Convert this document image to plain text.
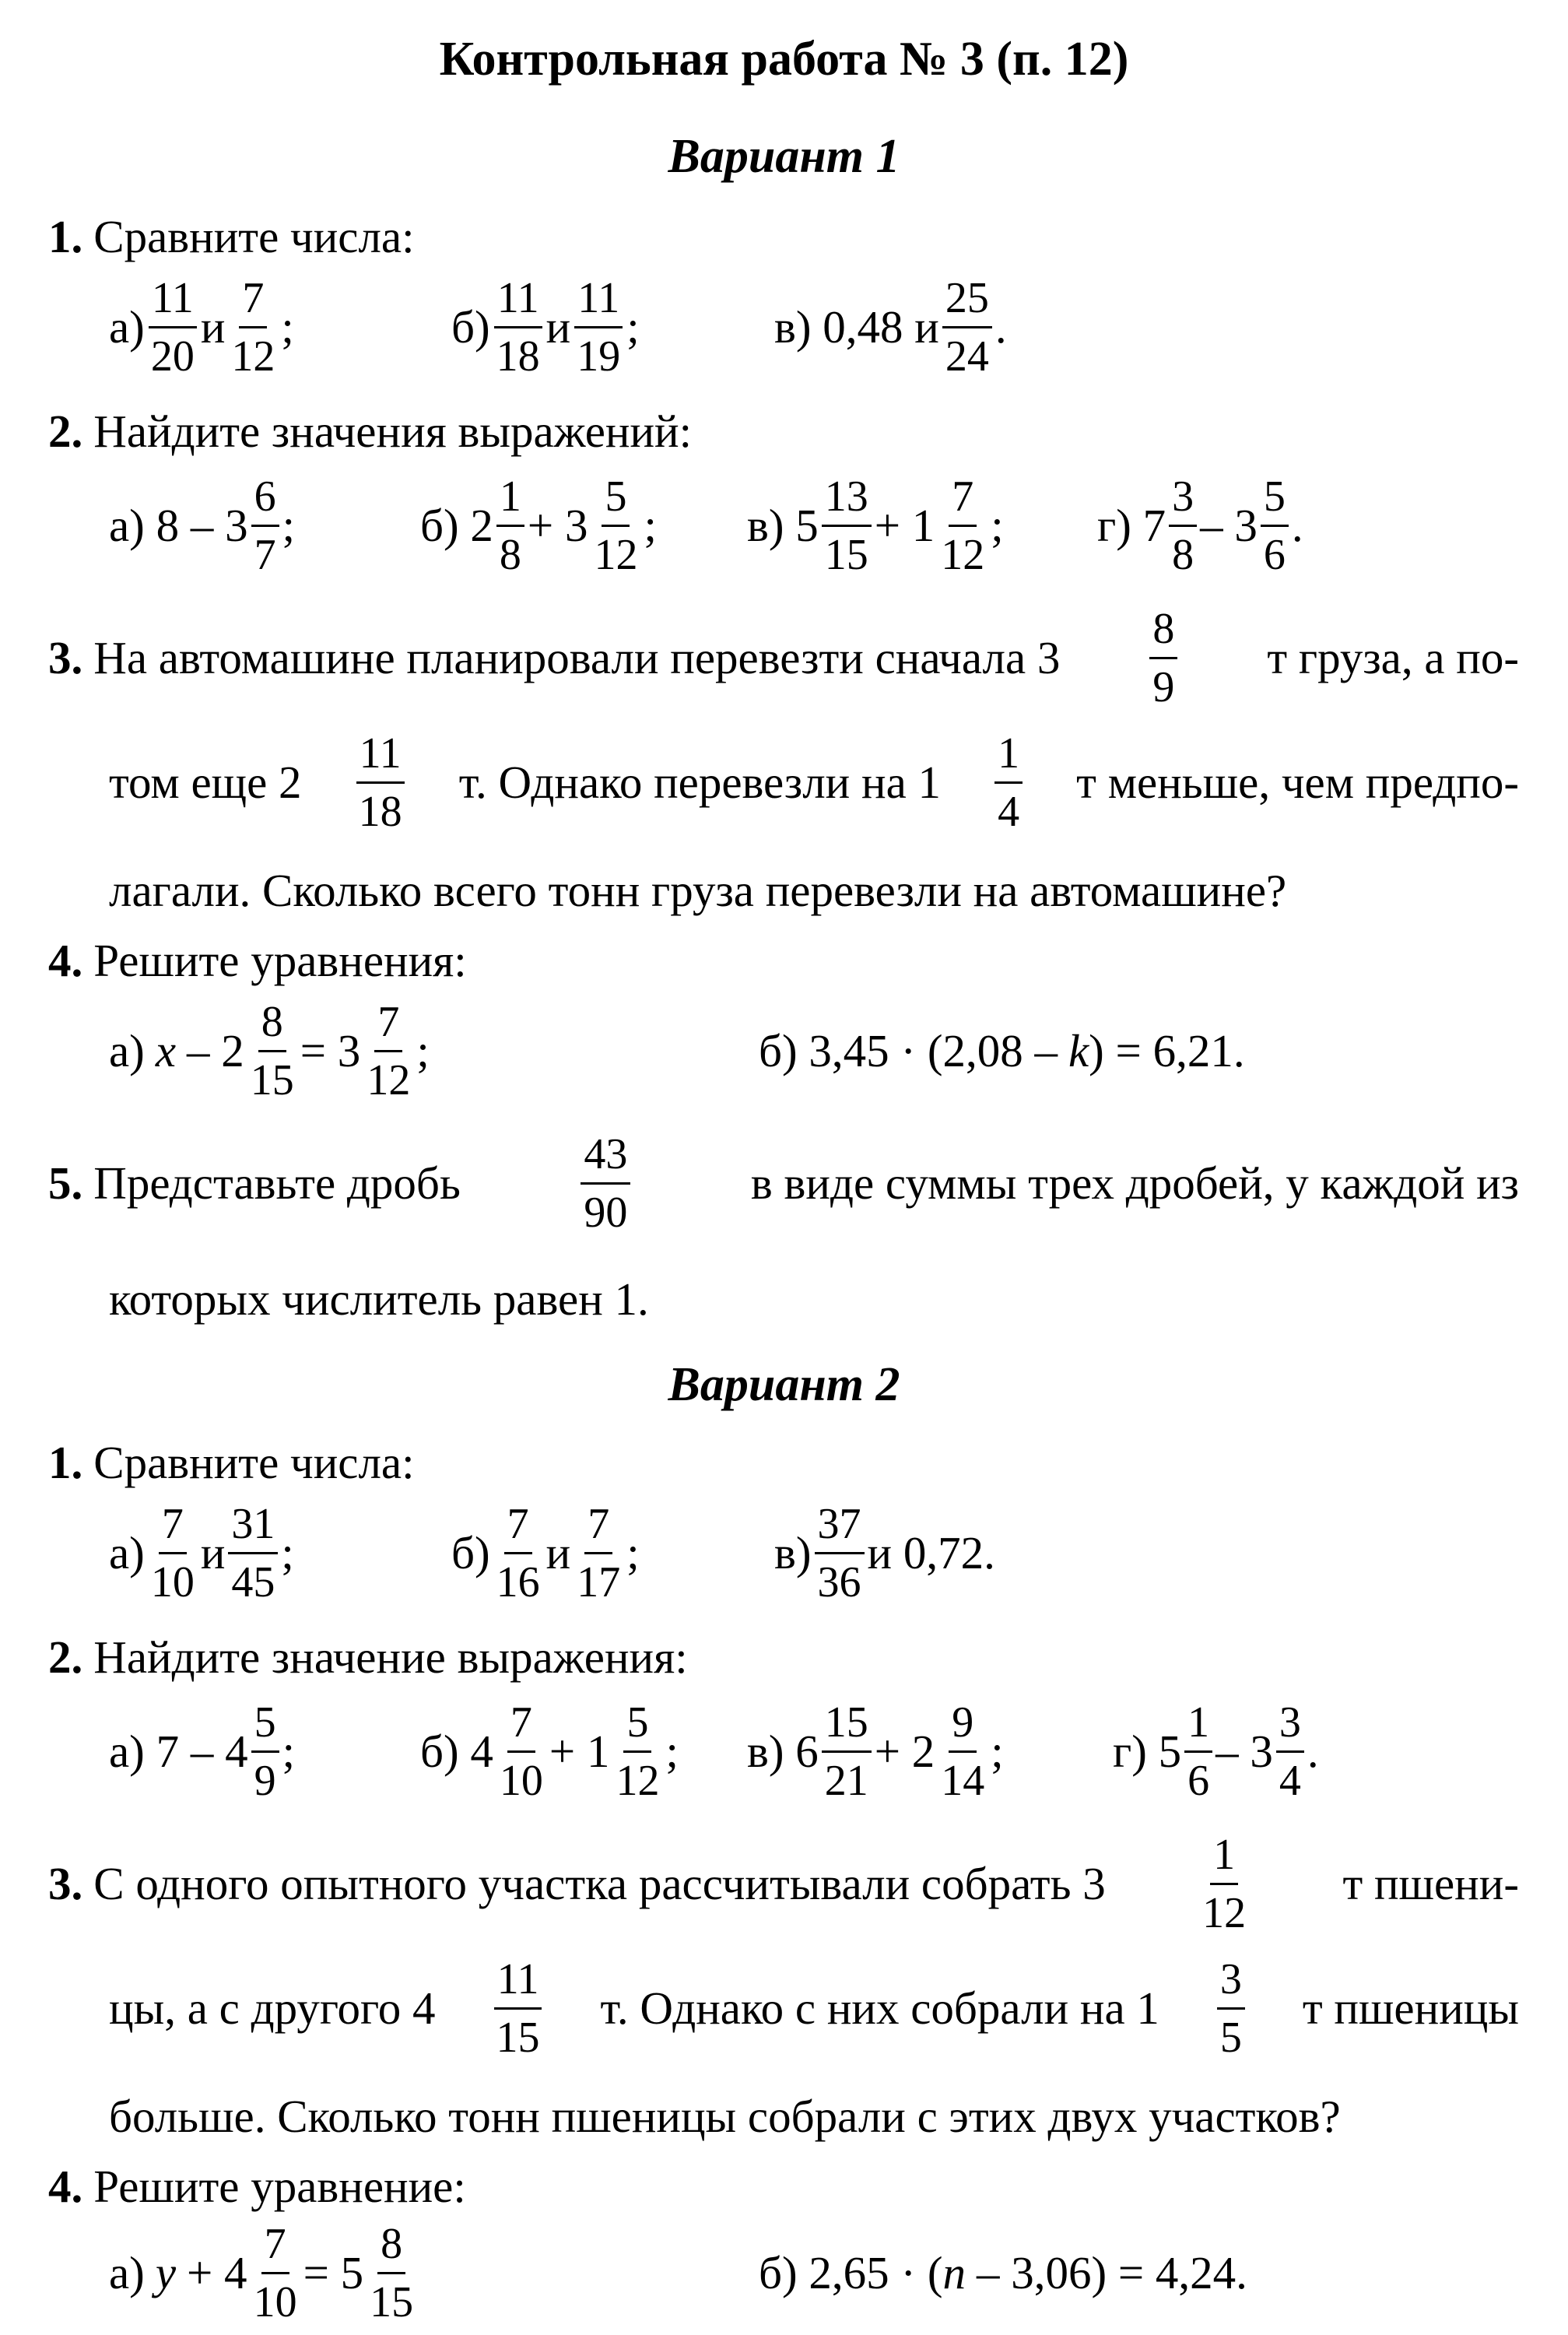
Контрольная работа № 3 (п. 12)
Вариант 1
1. Сравните числа:
$а) \frac{11}{20}$ и $\frac{7}{12}$ ;	$б) \frac{11}{18}$ и $\frac{11}{19}$ ;	в) 0,48 и $\frac{25}{24}$ .
2. Найдите значения выражений:
а) $8 - 3 \frac{6}{7}$ ;	б) $2 \frac{1}{8} + 3 \frac{5}{12}$ ; в) $5 \frac{13}{15} + 1 \frac{7}{12}$ ; г) $7 \frac{3}{8} - 3 \frac{5}{6}$ .
3. На автомашине планировали перевезти сначала $3 \frac{8}{9}$ т груза, а по-
том еще $2 \frac{11}{18} т$. Однако перевезли на $1 \frac{1}{4}$ т меньше, чем предпо-
лагали. Сколько всего тонн груза перевезли на автомашине?
4. Решите уравнения:
а) $x - 2 \frac{8}{15} = 3 \frac{7}{12}$ ;	б) 3,45 · (2,08 – k ) = 6,21.
5. Представьте дробь	$\frac{43}{90}$	в виде суммы трех дробей, у каждой из
которых числитель равен 1.
Вариант 2
1. Сравните числа:
$а) \frac{7}{10}$ и $\frac{31}{45}$ ;	$б) \frac{7}{16}$ и $\frac{7}{17}$ ;	$в) \frac{37}{36}$ и 0,72.
2. Найдите значение выражения:
а) $7 - 4 \frac{5}{9}$ ;	б) $4 \frac{7}{10} + 1 \frac{5}{12}$ ; в) $6 \frac{15}{21} + 2 \frac{9}{14}$ ; г) $5 \frac{1}{6} - 3 \frac{3}{4}$ .
3. С одного опытного участка рассчитывали собрать $3 \frac{1}{12}$ т пшени-
цы, а с другого $4 \frac{11}{15} т$. Однако с них собрали на $1 \frac{3}{5}$ т пшеницы
больше. Сколько тонн пшеницы собрали с этих двух участков?
4. Решите уравнение:
а) $y + 4 \frac{7}{10} = 5 \frac{8}{15}$	б) 2,65 · ( n – 3,06) = 4,24.
